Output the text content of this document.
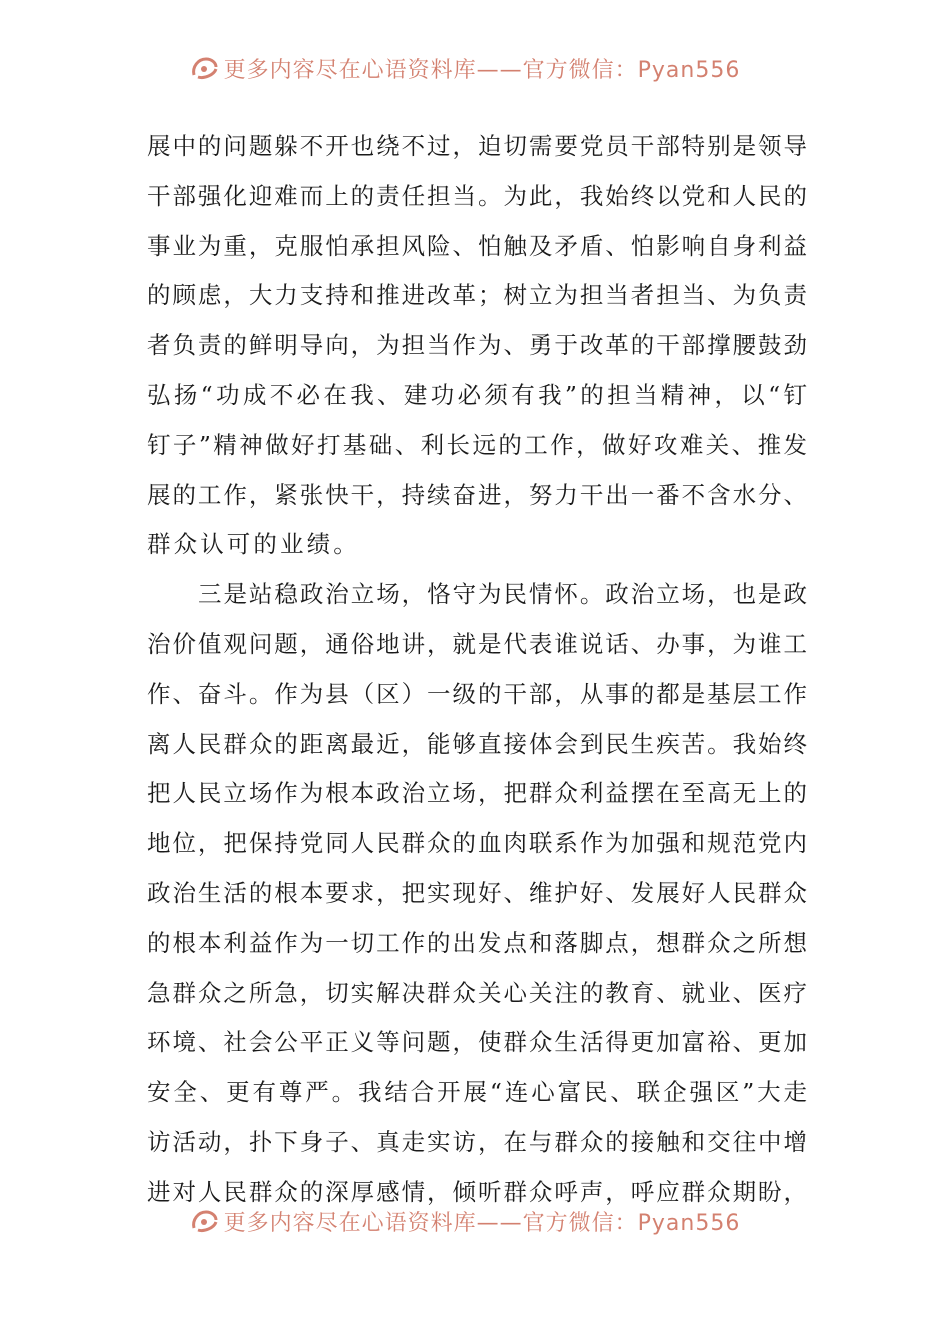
更多内容尽在心语资料库——官方微信：Pyan556
展中的问题躲不开也绕不过，迫切需要党员干部特别是领导
干部强化迎难而上的责任担当。为此，我始终以党和人民的
事业为重，克服怕承担风险、怕触及矛盾、怕影响自身利益
的顾虑，大力支持和推进改革；树立为担当者担当、为负责
者负责的鲜明导向，为担当作为、勇于改革的干部撑腰鼓劲
弘扬“功成不必在我、建功必须有我”的担当精神，以“钉
钉子”精神做好打基础、利长远的工作，做好攻难关、推发
展的工作，紧张快干，持续奋进，努力干出一番不含水分、
群众认可的业绩。
三是站稳政治立场，恪守为民情怀。政治立场，也是政
治价值观问题，通俗地讲，就是代表谁说话、办事，为谁工
作、奋斗。作为县（区）一级的干部，从事的都是基层工作
离人民群众的距离最近，能够直接体会到民生疾苦。我始终
把人民立场作为根本政治立场，把群众利益摆在至高无上的
地位，把保持党同人民群众的血肉联系作为加强和规范党内
政治生活的根本要求，把实现好、维护好、发展好人民群众
的根本利益作为一切工作的出发点和落脚点，想群众之所想
急群众之所急，切实解决群众关心关注的教育、就业、医疗
环境、社会公平正义等问题，使群众生活得更加富裕、更加
安全、更有尊严。我结合开展“连心富民、联企强区”大走
访活动，扑下身子、真走实访，在与群众的接触和交往中增
进对人民群众的深厚感情，倾听群众呼声，呼应群众期盼，
更多内容尽在心语资料库——官方微信：Pyan556
